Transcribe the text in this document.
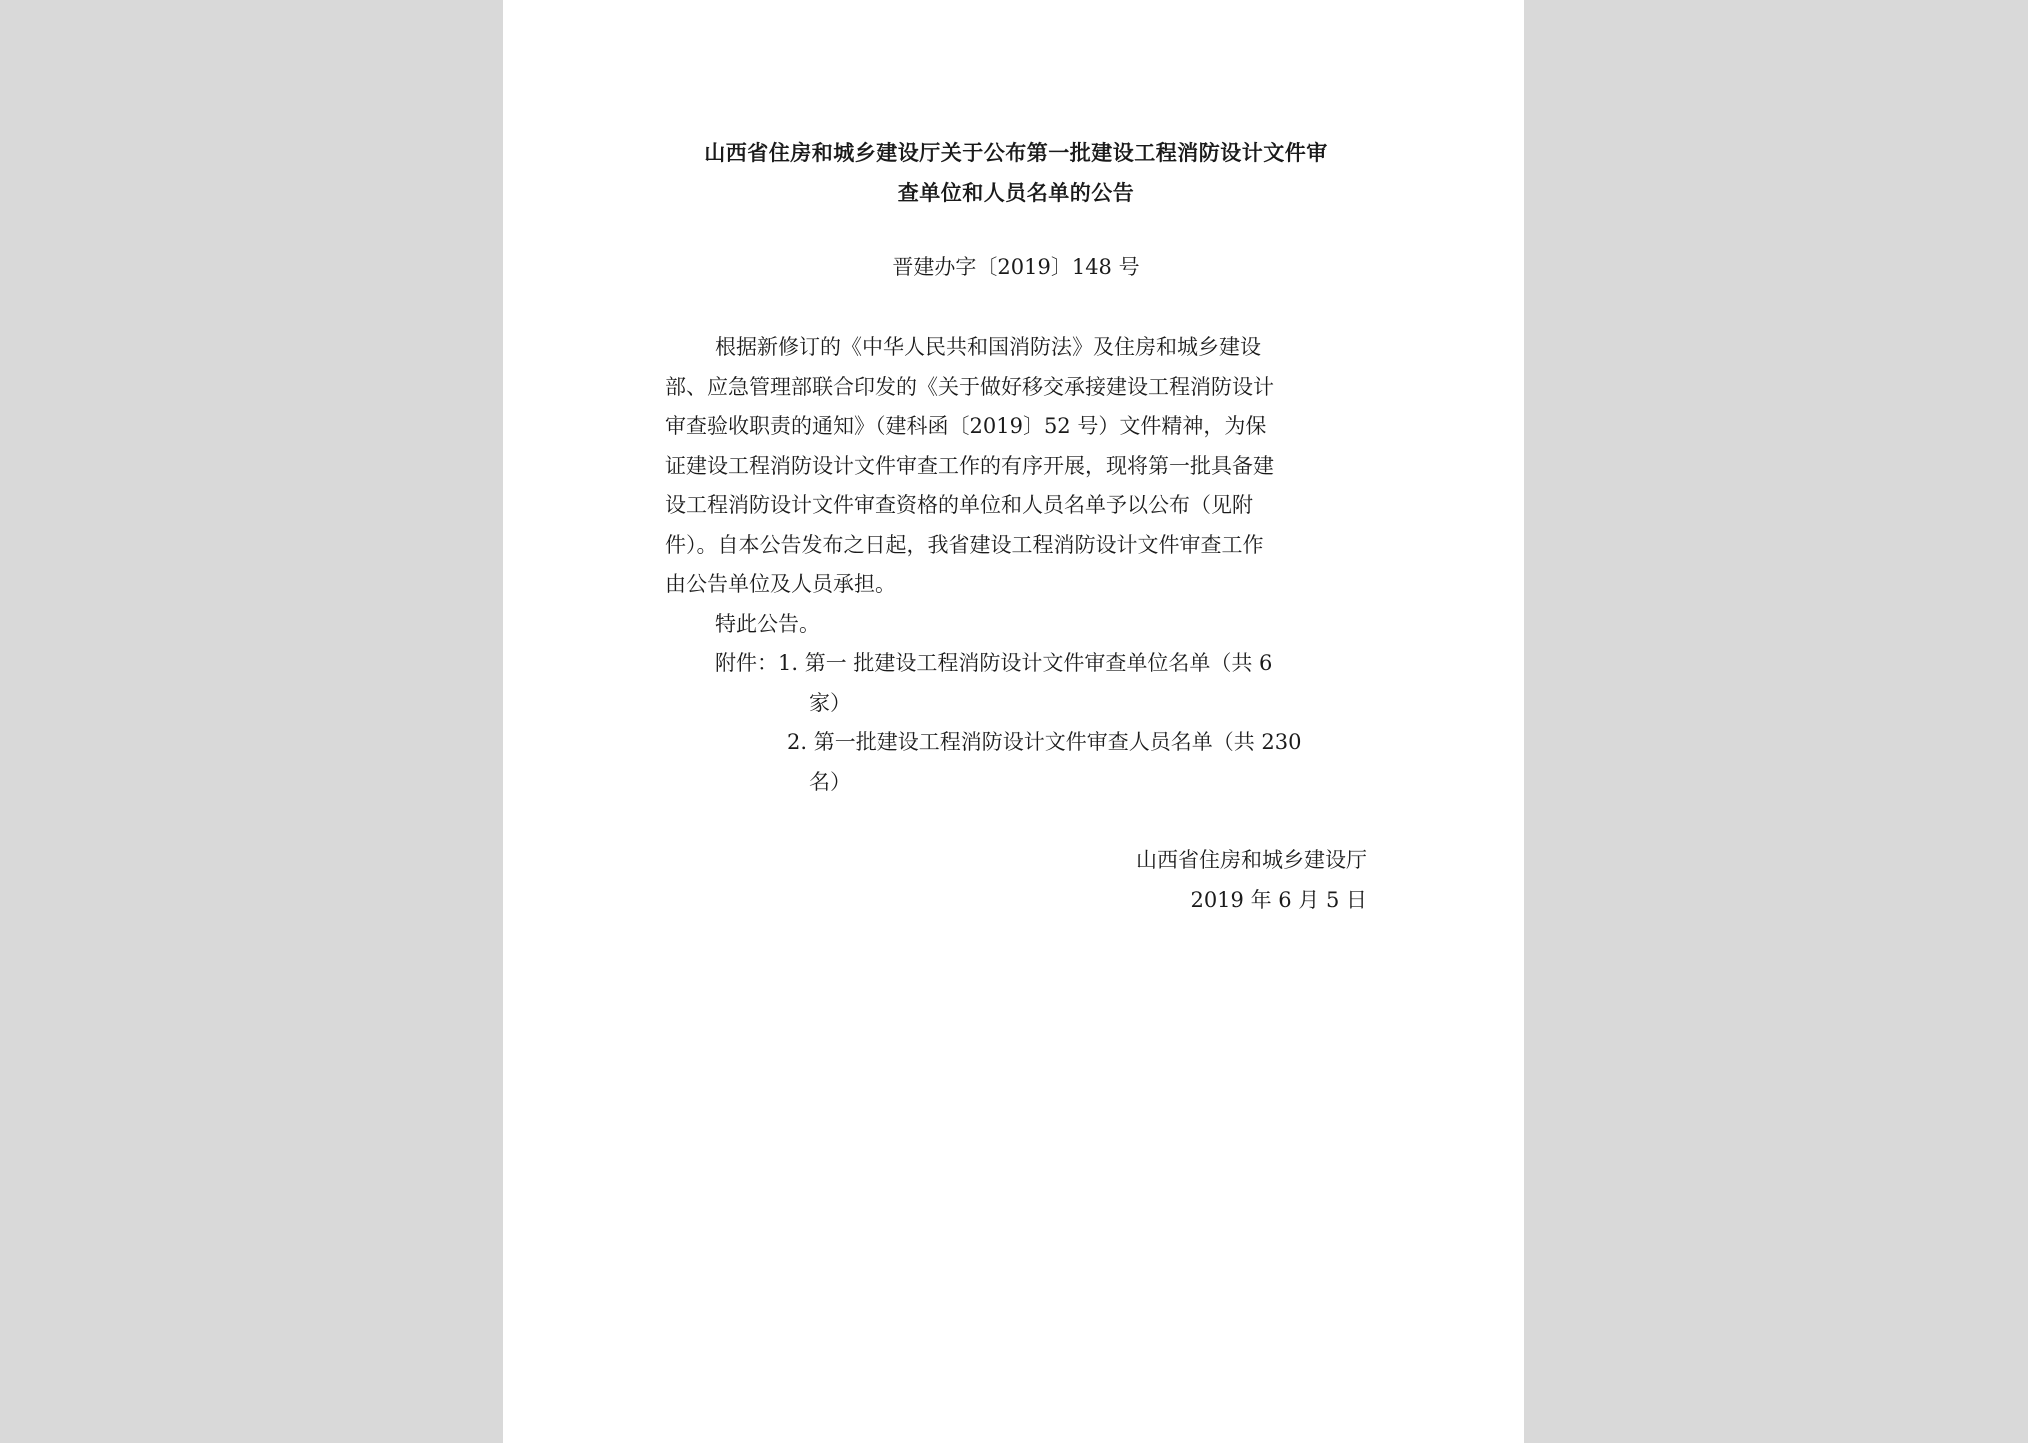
山西省住房和城乡建设厅关于公布第一批建设工程消防设计文件审
查单位和人员名单的公告
晋建办字〔2019〕148 号
根据新修订的《中华人民共和国消防法》及住房和城乡建设
部、应急管理部联合印发的《关于做好移交承接建设工程消防设计
审查验收职责的通知》（建科函〔2019〕52 号）文件精神，为保
证建设工程消防设计文件审查工作的有序开展，现将第一批具备建
设工程消防设计文件审查资格的单位和人员名单予以公布（见附
件）。自本公告发布之日起，我省建设工程消防设计文件审查工作
由公告单位及人员承担。
特此公告。
附件：1. 第一 批建设工程消防设计文件审查单位名单（共 6
家）
2. 第一批建设工程消防设计文件审查人员名单（共 230
名）
山西省住房和城乡建设厅
2019 年 6 月 5 日
